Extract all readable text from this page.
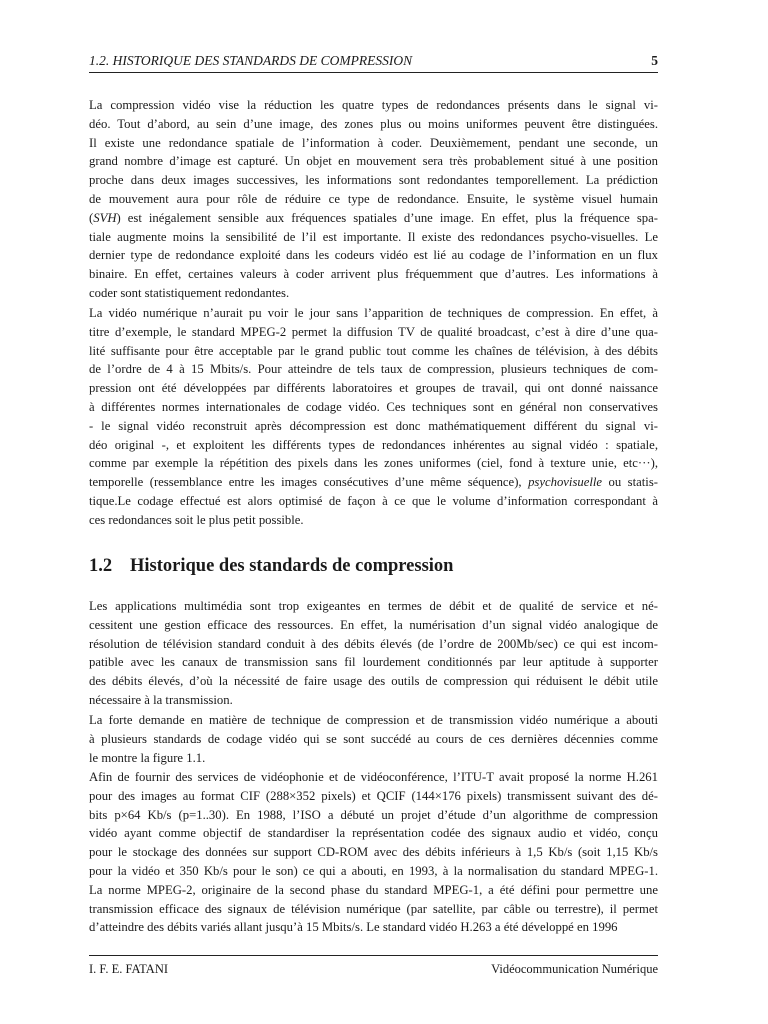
1.2. HISTORIQUE DES STANDARDS DE COMPRESSION	5

La compression vidéo vise la réduction les quatre types de redondances présents dans le signal vi-
déo. Tout d’abord, au sein d’une image, des zones plus ou moins uniformes peuvent être distinguées.
Il existe une redondance spatiale de l’information à coder. Deuxièmement, pendant une seconde, un
grand nombre d’image est capturé. Un objet en mouvement sera très probablement situé à une position
proche dans deux images successives, les informations sont redondantes temporellement. La prédiction
de mouvement aura pour rôle de réduire ce type de redondance. Ensuite, le système visuel humain
(SVH) est inégalement sensible aux fréquences spatiales d’une image. En effet, plus la fréquence spa-
tiale augmente moins la sensibilité de l’il est importante. Il existe des redondances psycho-visuelles. Le
dernier type de redondance exploité dans les codeurs vidéo est lié au codage de l’information en un flux
binaire. En effet, certaines valeurs à coder arrivent plus fréquemment que d’autres. Les informations à
coder sont statistiquement redondantes.

La vidéo numérique n’aurait pu voir le jour sans l’apparition de techniques de compression. En effet, à
titre d’exemple, le standard MPEG-2 permet la diffusion TV de qualité broadcast, c’est à dire d’une qua-
lité suffisante pour être acceptable par le grand public tout comme les chaînes de télévision, à des débits
de l’ordre de 4 à 15 Mbits/s. Pour atteindre de tels taux de compression, plusieurs techniques de com-
pression ont été développées par différents laboratoires et groupes de travail, qui ont donné naissance
à différentes normes internationales de codage vidéo. Ces techniques sont en général non conservatives
- le signal vidéo reconstruit après décompression est donc mathématiquement différent du signal vi-
déo original -, et exploitent les différents types de redondances inhérentes au signal vidéo : spatiale,
comme par exemple la répétition des pixels dans les zones uniformes (ciel, fond à texture unie, etc···),
temporelle (ressemblance entre les images consécutives d’une même séquence), psychovisuelle ou statis-
tique.Le codage effectué est alors optimisé de façon à ce que le volume d’information correspondant à
ces redondances soit le plus petit possible.

1.2 Historique des standards de compression

Les applications multimédia sont trop exigeantes en termes de débit et de qualité de service et né-
cessitent une gestion efficace des ressources. En effet, la numérisation d’un signal vidéo analogique de
résolution de télévision standard conduit à des débits élevés (de l’ordre de 200Mb/sec) ce qui est incom-
patible avec les canaux de transmission sans fil lourdement conditionnés par leur aptitude à supporter
des débits élevés, d’où la nécessité de faire usage des outils de compression qui réduisent le débit utile
nécessaire à la transmission.

La forte demande en matière de technique de compression et de transmission vidéo numérique a abouti
à plusieurs standards de codage vidéo qui se sont succédé au cours de ces dernières décennies comme
le montre la figure 1.1.

Afin de fournir des services de vidéophonie et de vidéoconférence, l’ITU-T avait proposé la norme H.261
pour des images au format CIF (288×352 pixels) et QCIF (144×176 pixels) transmissent suivant des dé-
bits p×64 Kb/s (p=1..30). En 1988, l’ISO a débuté un projet d’étude d’un algorithme de compression
vidéo ayant comme objectif de standardiser la représentation codée des signaux audio et vidéo, conçu
pour le stockage des données sur support CD-ROM avec des débits inférieurs à 1,5 Kb/s (soit 1,15 Kb/s
pour la vidéo et 350 Kb/s pour le son) ce qui a abouti, en 1993, à la normalisation du standard MPEG-1.
La norme MPEG-2, originaire de la second phase du standard MPEG-1, a été défini pour permettre une
transmission efficace des signaux de télévision numérique (par satellite, par câble ou terrestre), il permet
d’atteindre des débits variés allant jusqu’à 15 Mbits/s. Le standard vidéo H.263 a été développé en 1996

I. F. E. FATANI	Vidéocommunication Numérique
